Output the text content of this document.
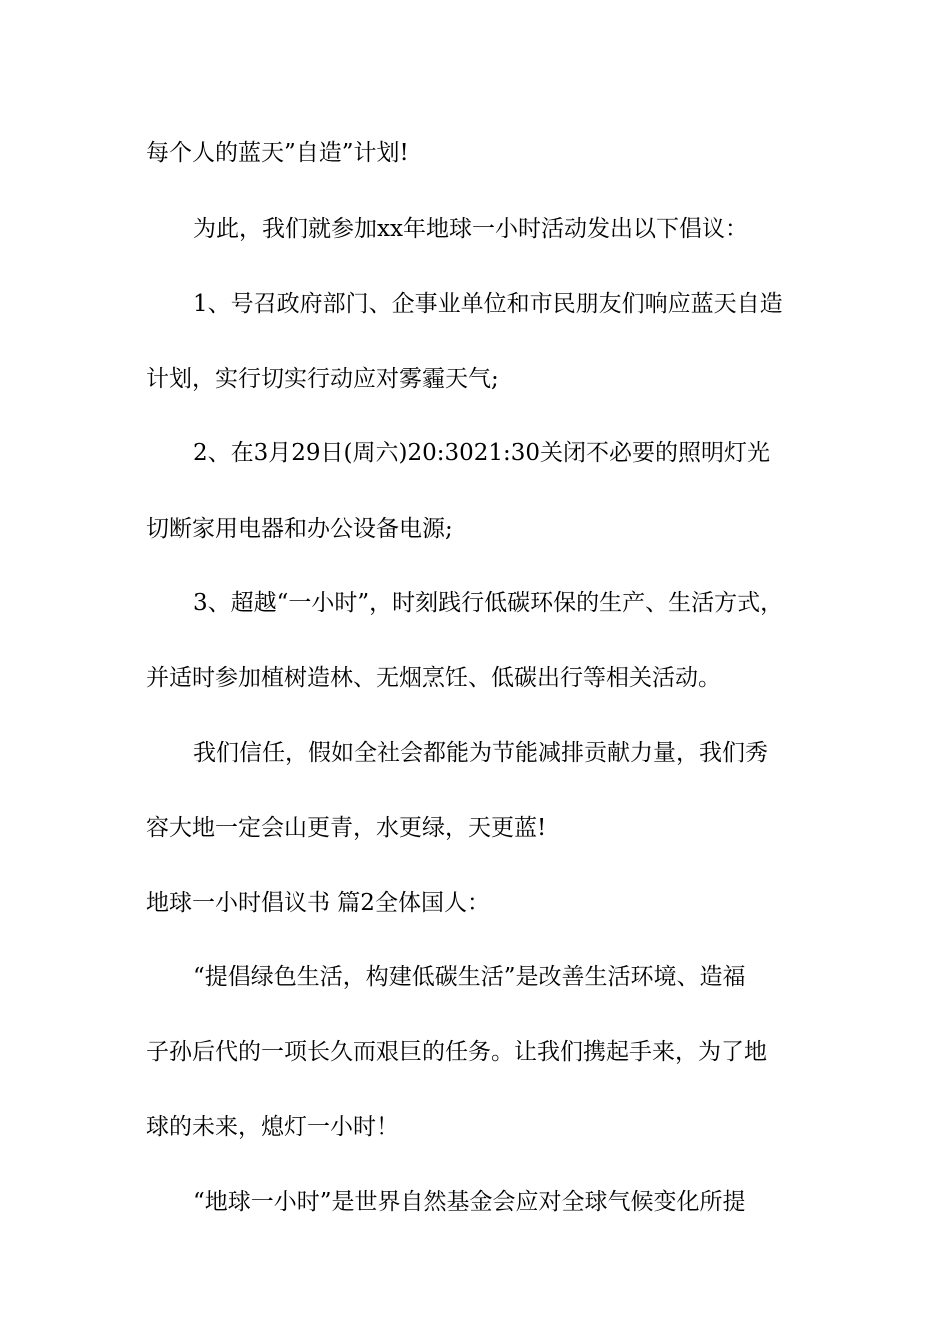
每个人的蓝天”自造”计划!
为此，我们就参加xx年地球一小时活动发出以下倡议：
1、号召政府部门、企事业单位和市民朋友们响应蓝天自造
计划，实行切实行动应对雾霾天气;
2、在3月29日(周六)20:3021:30关闭不必要的照明灯光
切断家用电器和办公设备电源;
3、超越“一小时”，时刻践行低碳环保的生产、生活方式，
并适时参加植树造林、无烟烹饪、低碳出行等相关活动。
我们信任，假如全社会都能为节能减排贡献力量，我们秀
容大地一定会山更青，水更绿，天更蓝!
地球一小时倡议书 篇2全体国人：
“提倡绿色生活，构建低碳生活”是改善生活环境、造福
子孙后代的一项长久而艰巨的任务。让我们携起手来，为了地
球的未来，熄灯一小时！
“地球一小时”是世界自然基金会应对全球气候变化所提
